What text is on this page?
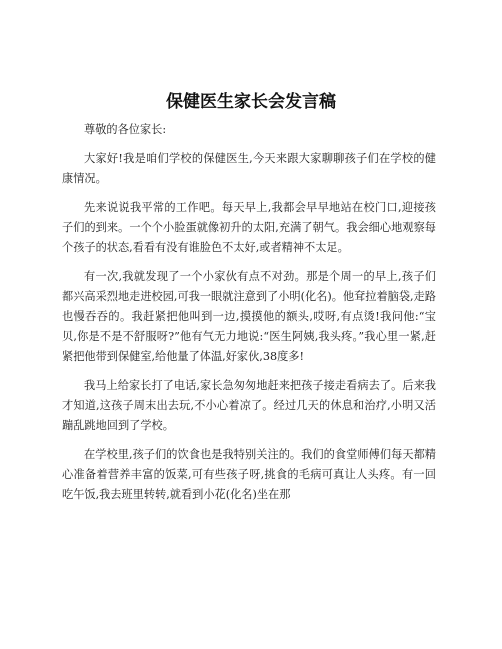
保健医生家长会发言稿

尊敬的各位家长:

大家好!我是咱们学校的保健医生,今天来跟大家聊聊孩子们在学校的健康情况。

先来说说我平常的工作吧。每天早上,我都会早早地站在校门口,迎接孩子们的到来。一个个小脸蛋就像初升的太阳,充满了朝气。我会细心地观察每个孩子的状态,看看有没有谁脸色不太好,或者精神不太足。

有一次,我就发现了一个小家伙有点不对劲。那是个周一的早上,孩子们都兴高采烈地走进校园,可我一眼就注意到了小明(化名)。他耷拉着脑袋,走路也慢吞吞的。我赶紧把他叫到一边,摸摸他的额头,哎呀,有点烫!我问他:“宝贝,你是不是不舒服呀?”他有气无力地说:“医生阿姨,我头疼。”我心里一紧,赶紧把他带到保健室,给他量了体温,好家伙,38度多!

我马上给家长打了电话,家长急匆匆地赶来把孩子接走看病去了。后来我才知道,这孩子周末出去玩,不小心着凉了。经过几天的休息和治疗,小明又活蹦乱跳地回到了学校。

在学校里,孩子们的饮食也是我特别关注的。我们的食堂师傅们每天都精心准备着营养丰富的饭菜,可有些孩子呀,挑食的毛病可真让人头疼。有一回吃午饭,我去班里转转,就看到小花(化名)坐在那
